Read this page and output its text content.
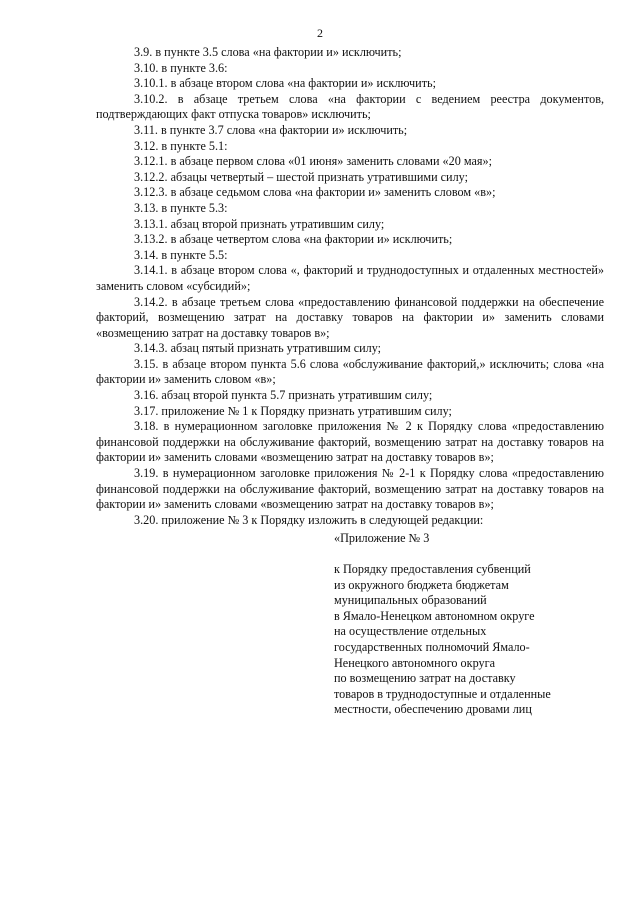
2

3.9. в пункте 3.5 слова «на фактории и» исключить;

3.10. в пункте 3.6:

3.10.1. в абзаце втором слова «на фактории и» исключить;

3.10.2. в абзаце третьем слова «на фактории с ведением реестра документов, подтверждающих факт отпуска товаров» исключить;

3.11. в пункте 3.7 слова «на фактории и» исключить;

3.12. в пункте 5.1:

3.12.1. в абзаце первом слова «01 июня» заменить словами «20 мая»;

3.12.2. абзацы четвертый – шестой признать утратившими силу;

3.12.3. в абзаце седьмом слова «на фактории и» заменить словом «в»;

3.13. в пункте 5.3:

3.13.1. абзац второй признать утратившим силу;

3.13.2. в абзаце четвертом слова «на фактории и» исключить;

3.14. в пункте 5.5:

3.14.1. в абзаце втором слова «, факторий и труднодоступных и отдаленных местностей» заменить словом «субсидий»;

3.14.2. в абзаце третьем слова «предоставлению финансовой поддержки на обеспечение факторий, возмещению затрат на доставку товаров на фактории и» заменить словами «возмещению затрат на доставку товаров в»;

3.14.3. абзац пятый признать утратившим силу;

3.15. в абзаце втором пункта 5.6 слова «обслуживание факторий,» исключить; слова «на фактории и» заменить словом «в»;

3.16. абзац второй пункта 5.7 признать утратившим силу;

3.17. приложение № 1 к Порядку признать утратившим силу;

3.18. в нумерационном заголовке приложения № 2 к Порядку слова «предоставлению финансовой поддержки на обслуживание факторий, возмещению затрат на доставку товаров на фактории и» заменить словами «возмещению затрат на доставку товаров в»;

3.19. в нумерационном заголовке приложения № 2-1 к Порядку слова «предоставлению финансовой поддержки на обслуживание факторий, возмещению затрат на доставку товаров на фактории и» заменить словами «возмещению затрат на доставку товаров в»;

3.20. приложение № 3 к Порядку изложить в следующей редакции:

«Приложение № 3
к Порядку предоставления субвенций
из окружного бюджета бюджетам
муниципальных образований
в Ямало-Ненецком автономном округе
на осуществление отдельных
государственных полномочий Ямало-
Ненецкого автономного округа
по возмещению затрат на доставку
товаров в труднодоступные и отдаленные
местности, обеспечению дровами лиц
